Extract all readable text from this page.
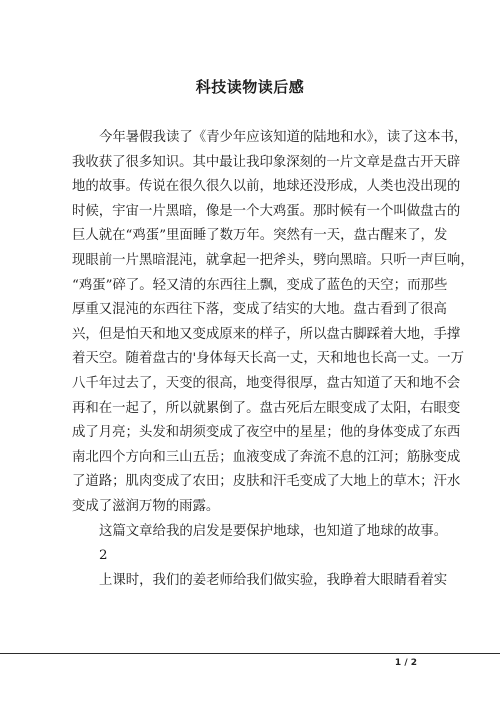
科技读物读后感
今年暑假我读了《青少年应该知道的陆地和水》，读了这本书，
我收获了很多知识。其中最让我印象深刻的一片文章是盘古开天辟
地的故事。传说在很久很久以前，地球还没形成，人类也没出现的
时候，宇宙一片黑暗，像是一个大鸡蛋。那时候有一个叫做盘古的
巨人就在“鸡蛋”里面睡了数万年。突然有一天，盘古醒来了，发
现眼前一片黑暗混沌，就拿起一把斧头，劈向黑暗。只听一声巨响，
“鸡蛋”碎了。轻又清的东西往上飘，变成了蓝色的天空；而那些
厚重又混沌的东西往下落，变成了结实的大地。盘古看到了很高
兴，但是怕天和地又变成原来的样子，所以盘古脚踩着大地，手撑
着天空。随着盘古的'身体每天长高一丈，天和地也长高一丈。一万
八千年过去了，天变的很高，地变得很厚，盘古知道了天和地不会
再和在一起了，所以就累倒了。盘古死后左眼变成了太阳，右眼变
成了月亮；头发和胡须变成了夜空中的星星；他的身体变成了东西
南北四个方向和三山五岳；血液变成了奔流不息的江河；筋脉变成
了道路；肌肉变成了农田；皮肤和汗毛变成了大地上的草木；汗水
变成了滋润万物的雨露。
这篇文章给我的启发是要保护地球，也知道了地球的故事。
2
上课时，我们的姜老师给我们做实验，我睁着大眼睛看着实
1 / 2
